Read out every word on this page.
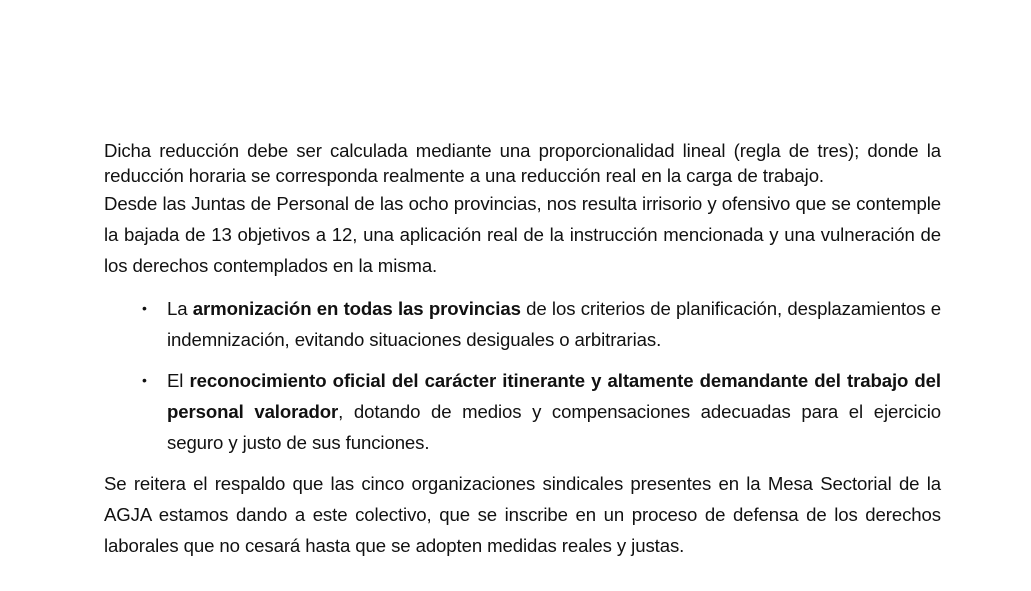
Dicha reducción debe ser calculada mediante una proporcionalidad lineal (regla de tres); donde la reducción horaria se corresponda realmente a una reducción real en la carga de trabajo.

Desde las Juntas de Personal de las ocho provincias, nos resulta irrisorio y ofensivo que se contemple la bajada de 13 objetivos a 12, una aplicación real de la instrucción mencionada y una vulneración de los derechos contemplados en la misma.

• La armonización en todas las provincias de los criterios de planificación, desplazamientos e indemnización, evitando situaciones desiguales o arbitrarias.
• El reconocimiento oficial del carácter itinerante y altamente demandante del trabajo del personal valorador, dotando de medios y compensaciones adecuadas para el ejercicio seguro y justo de sus funciones.

Se reitera el respaldo que las cinco organizaciones sindicales presentes en la Mesa Sectorial de la AGJA estamos dando a este colectivo, que se inscribe en un proceso de defensa de los derechos laborales que no cesará hasta que se adopten medidas reales y justas.
